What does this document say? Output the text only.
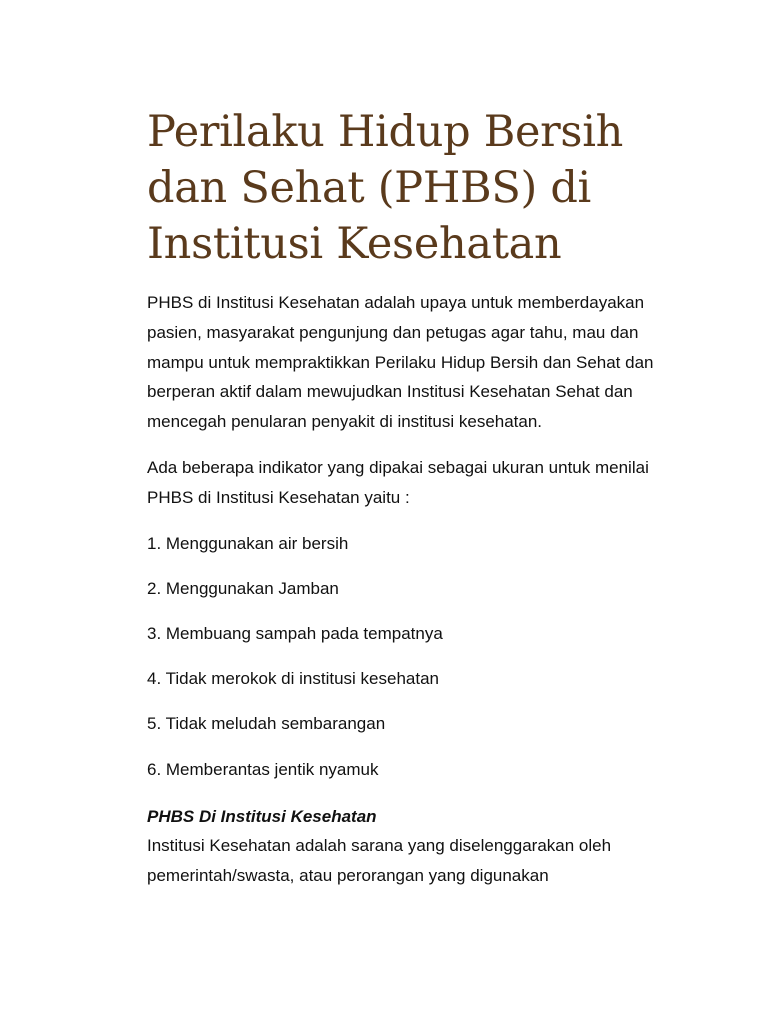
Perilaku Hidup Bersih dan Sehat (PHBS) di Institusi Kesehatan

PHBS di Institusi Kesehatan adalah upaya untuk memberdayakan pasien, masyarakat pengunjung dan petugas agar tahu, mau dan mampu untuk mempraktikkan Perilaku Hidup Bersih dan Sehat dan berperan aktif dalam mewujudkan Institusi Kesehatan Sehat dan mencegah penularan penyakit di institusi kesehatan.

Ada beberapa indikator yang dipakai sebagai ukuran untuk menilai PHBS di Institusi Kesehatan yaitu :

1. Menggunakan air bersih
2. Menggunakan Jamban
3. Membuang sampah pada tempatnya
4. Tidak merokok di institusi kesehatan
5. Tidak meludah sembarangan
6. Memberantas jentik nyamuk
PHBS Di Institusi Kesehatan

Institusi Kesehatan adalah sarana yang diselenggarakan oleh pemerintah/swasta, atau perorangan yang digunakan
